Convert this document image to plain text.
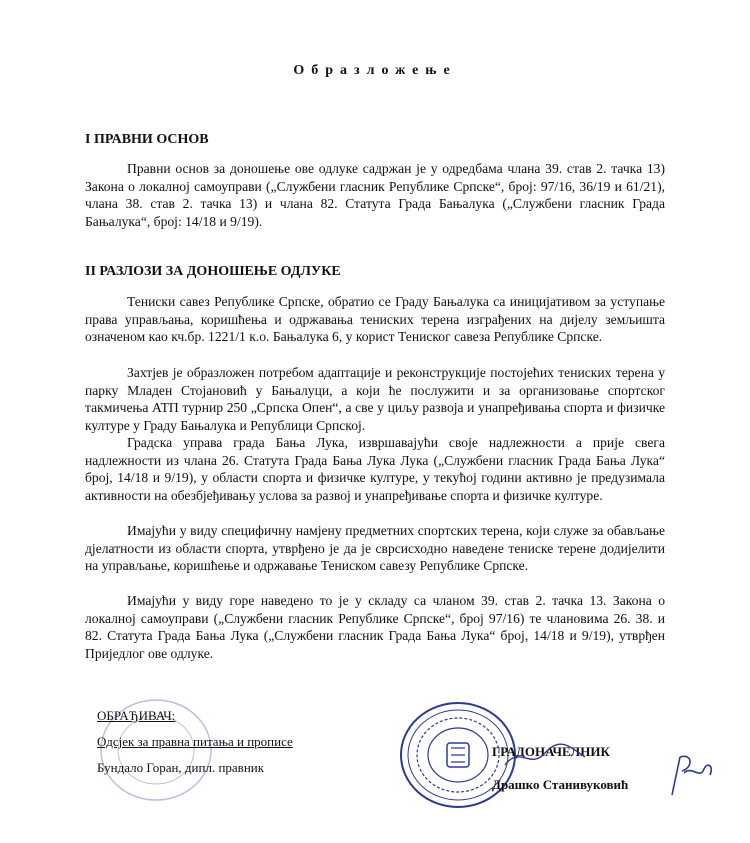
Образложење
I ПРАВНИ ОСНОВ

Правни основ за доношење ове одлуке садржан је у одредбама члана 39. став 2. тачка 13) Закона о локалној самоуправи („Службени гласник Републике Српске“, број: 97/16, 36/19 и 61/21), члана 38. став 2. тачка 13) и члана 82. Статута Града Бањалука („Службени гласник Града Бањалука“, број: 14/18 и 9/19).

II РАЗЛОЗИ ЗА ДОНОШЕЊЕ ОДЛУКЕ

Тениски савез Републике Српске, обратио се Граду Бањалука са иницијативом за уступање права управљања, коришћења и одржавања тениских терена изграђених на дијелу земљишта означеном као кч.бр. 1221/1 к.о. Бањалука 6, у корист Тениског савеза Републике Српске.

Захтјев је образложен потребом адаптације и реконструкције постојећих тениских терена у парку Младен Стојановић у Бањалуци, а који ће послужити и за организовање спортског такмичења АТП турнир 250 „Српска Опен“, а све у циљу развоја и унапређивања спорта и физичке културе у Граду Бањалука и Републици Српској.

Градска управа града Бања Лука, извршавајући своје надлежности а прије свега надлежности из члана 26. Статута Града Бања Лука Лука („Службени гласник Града Бања Лука“ број, 14/18 и 9/19), у области спорта и физичке културе, у текућој години активно је предузимала активности на обезбјеђивању услова за развој и унапређивање спорта и физичке културе.

Имајући у виду специфичну намјену предметних спортских терена, који служе за обављање дјелатности из области спорта, утврђено је да је сврсисходно наведене тениске терене додијелити на управљање, коришћење и одржавање Тениском савезу Републике Српске.

Имајући у виду горе наведено то је у складу са чланом 39. став 2. тачка 13. Закона о локалној самоуправи („Службени гласник Републике Српске“, број 97/16) те члановима 26. 38. и 82. Статута Града Бања Лука („Службени гласник Града Бања Лука“ број, 14/18 и 9/19), утврђен Приједлог ове одлуке.

ОБРАЂИВАЧ:
Одсјек за правна питања и прописе
Бундало Горан, дипл. правник
ГРАДОНАЧЕЛНИК
Драшко Станивуковић
